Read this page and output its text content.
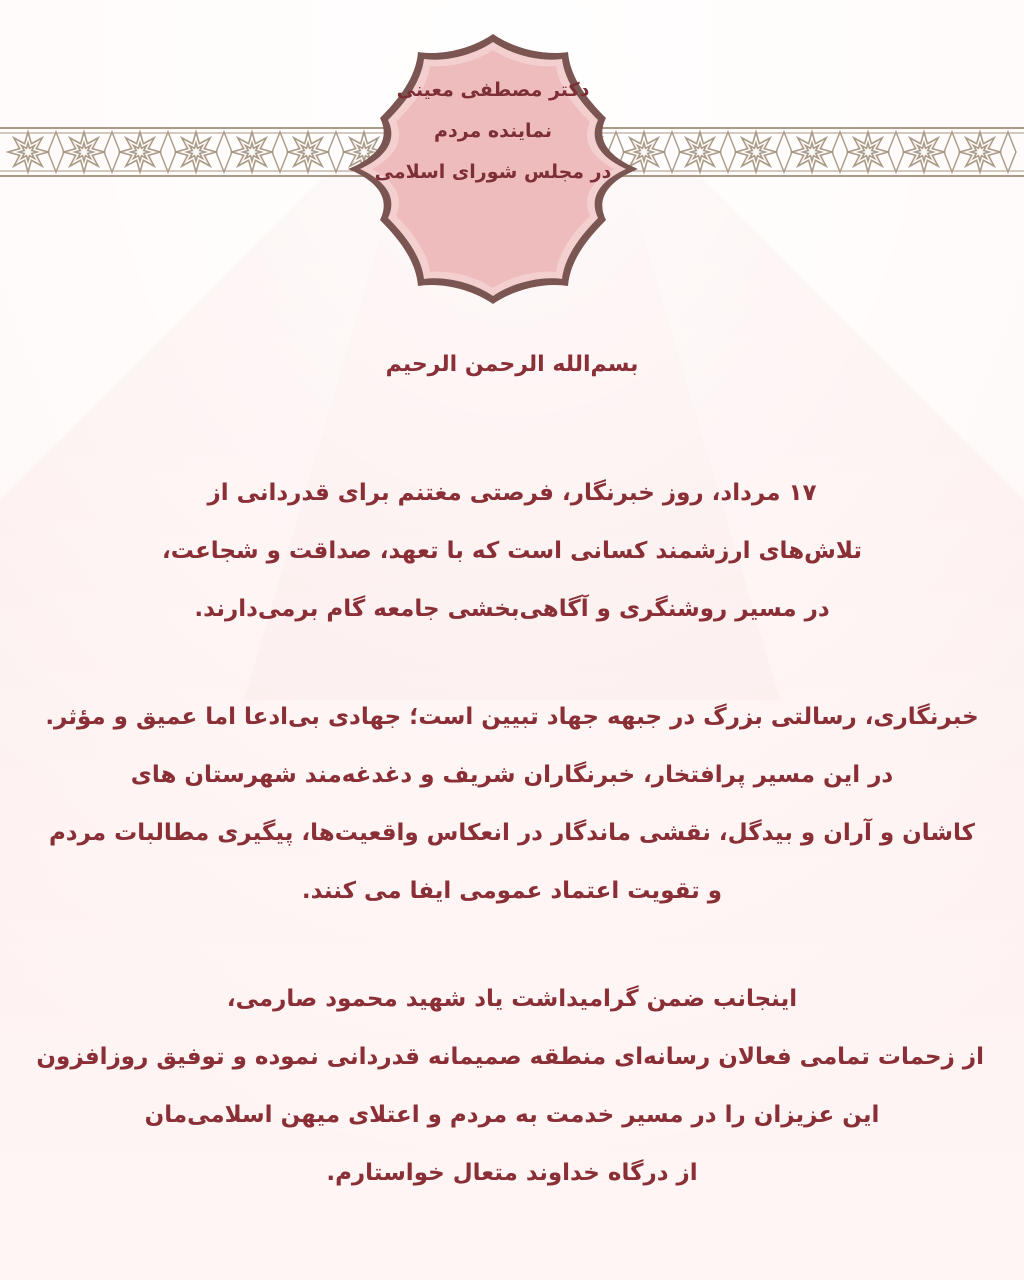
دکتر مصطفی معینی
نماینده مردم
در مجلس شورای اسلامی
بسم‌الله الرحمن الرحیم

۱۷ مرداد، روز خبرنگار، فرصتی مغتنم برای قدردانی از
تلاش‌های ارزشمند کسانی است که با تعهد، صداقت و شجاعت،
در مسیر روشنگری و آگاهی‌بخشی جامعه گام برمی‌دارند.

خبرنگاری، رسالتی بزرگ در جبهه جهاد تبیین است؛ جهادی بی‌ادعا اما عمیق و مؤثر.
در این مسیر پرافتخار، خبرنگاران شریف و دغدغه‌مند شهرستان های
کاشان و آران و بیدگل، نقشی ماندگار در انعکاس واقعیت‌ها، پیگیری مطالبات مردم
و تقویت اعتماد عمومی ایفا می کنند.

اینجانب ضمن گرامیداشت یاد شهید محمود صارمی،
از زحمات تمامی فعالان رسانه‌ای منطقه صمیمانه قدردانی نموده و توفیق روزافزون
این عزیزان را در مسیر خدمت به مردم و اعتلای میهن اسلامی‌مان
از درگاه خداوند متعال خواستارم.
